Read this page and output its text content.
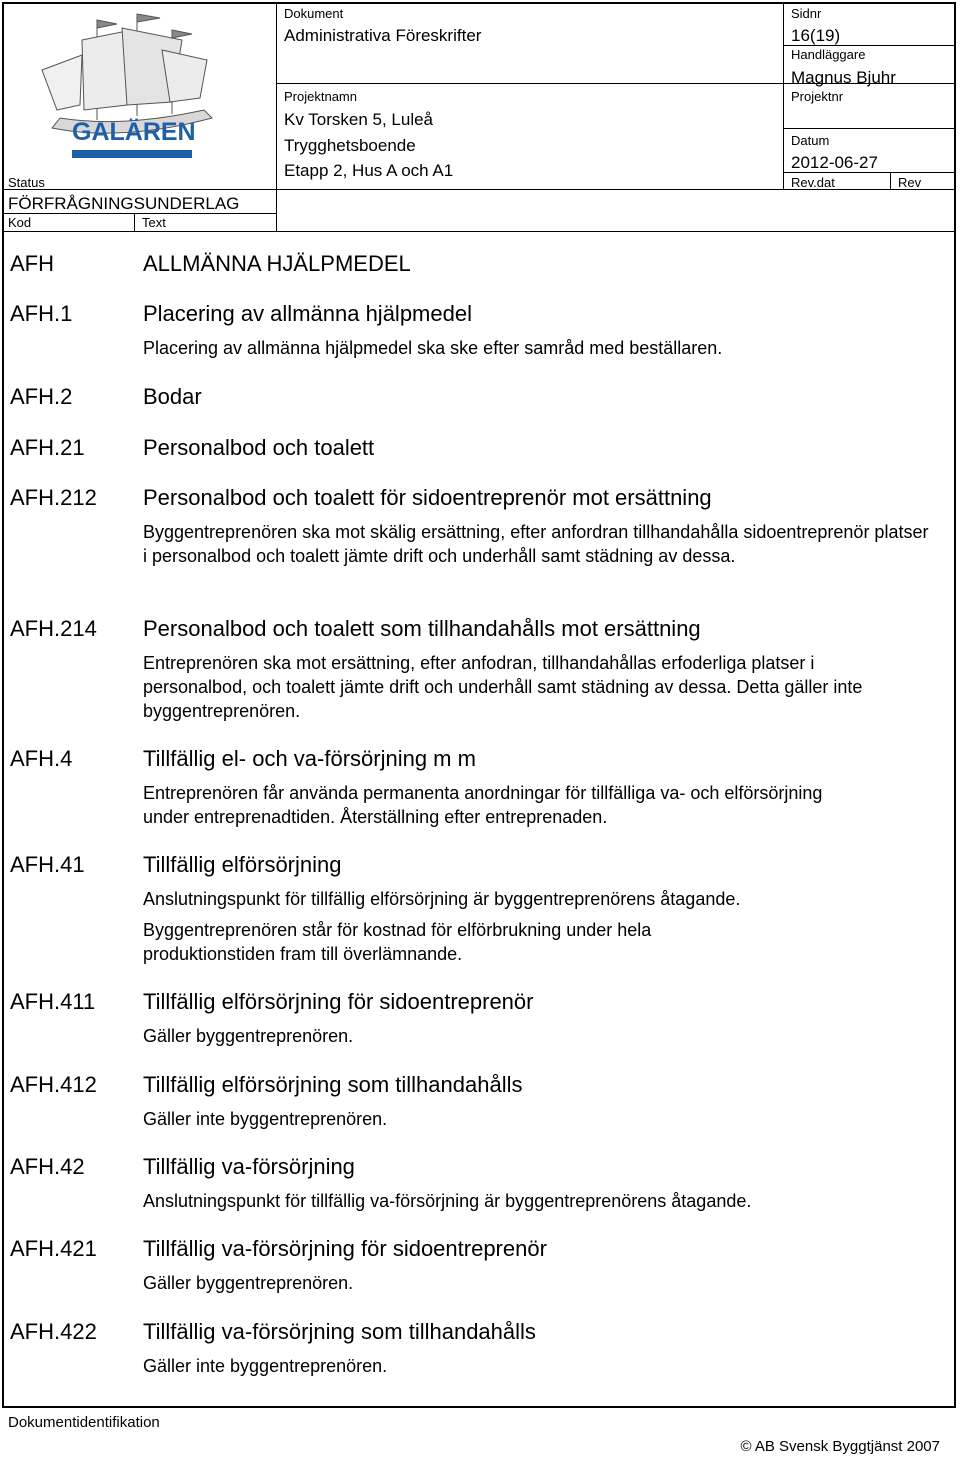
GALÄREN
Dokument
Administrativa Föreskrifter
Sidnr
16(19)
Handläggare
Magnus Bjuhr
Projektnamn
Kv Torsken 5, Luleå
Trygghetsboende
Etapp 2, Hus A och A1
Projektnr
Datum
2012-06-27
Rev.dat	Rev
Status
FÖRFRÅGNINGSUNDERLAG
Kod	Text
AFH	ALLMÄNNA HJÄLPMEDEL
AFH.1	Placering av allmänna hjälpmedel
Placering av allmänna hjälpmedel ska ske efter samråd med beställaren.
AFH.2	Bodar
AFH.21	Personalbod och toalett
AFH.212 Personalbod och toalett för sidoentreprenör mot ersättning
Byggentreprenören ska mot skälig ersättning, efter anfordran tillhandahålla sidoentreprenör platser i personalbod och toalett jämte drift och underhåll samt städning av dessa.
AFH.214 Personalbod och toalett som tillhandahålls mot ersättning
Entreprenören ska mot ersättning, efter anfodran, tillhandahållas erfoderliga platser i personalbod, och toalett jämte drift och underhåll samt städning av dessa. Detta gäller inte byggentreprenören.
AFH.4	Tillfällig el- och va-försörjning m m
Entreprenören får använda permanenta anordningar för tillfälliga va- och elförsörjning under entreprenadtiden. Återställning efter entreprenaden.
AFH.41	Tillfällig elförsörjning
Anslutningspunkt för tillfällig elförsörjning är byggentreprenörens åtagande.
Byggentreprenören står för kostnad för elförbrukning under hela produktionstiden fram till överlämnande.
AFH.411 Tillfällig elförsörjning för sidoentreprenör
Gäller byggentreprenören.
AFH.412 Tillfällig elförsörjning som tillhandahålls
Gäller inte byggentreprenören.
AFH.42	Tillfällig va-försörjning
Anslutningspunkt för tillfällig va-försörjning är byggentreprenörens åtagande.
AFH.421 Tillfällig va-försörjning för sidoentreprenör
Gäller byggentreprenören.
AFH.422 Tillfällig va-försörjning som tillhandahålls
Gäller inte byggentreprenören.
Dokumentidentifikation
© AB Svensk Byggtjänst 2007
